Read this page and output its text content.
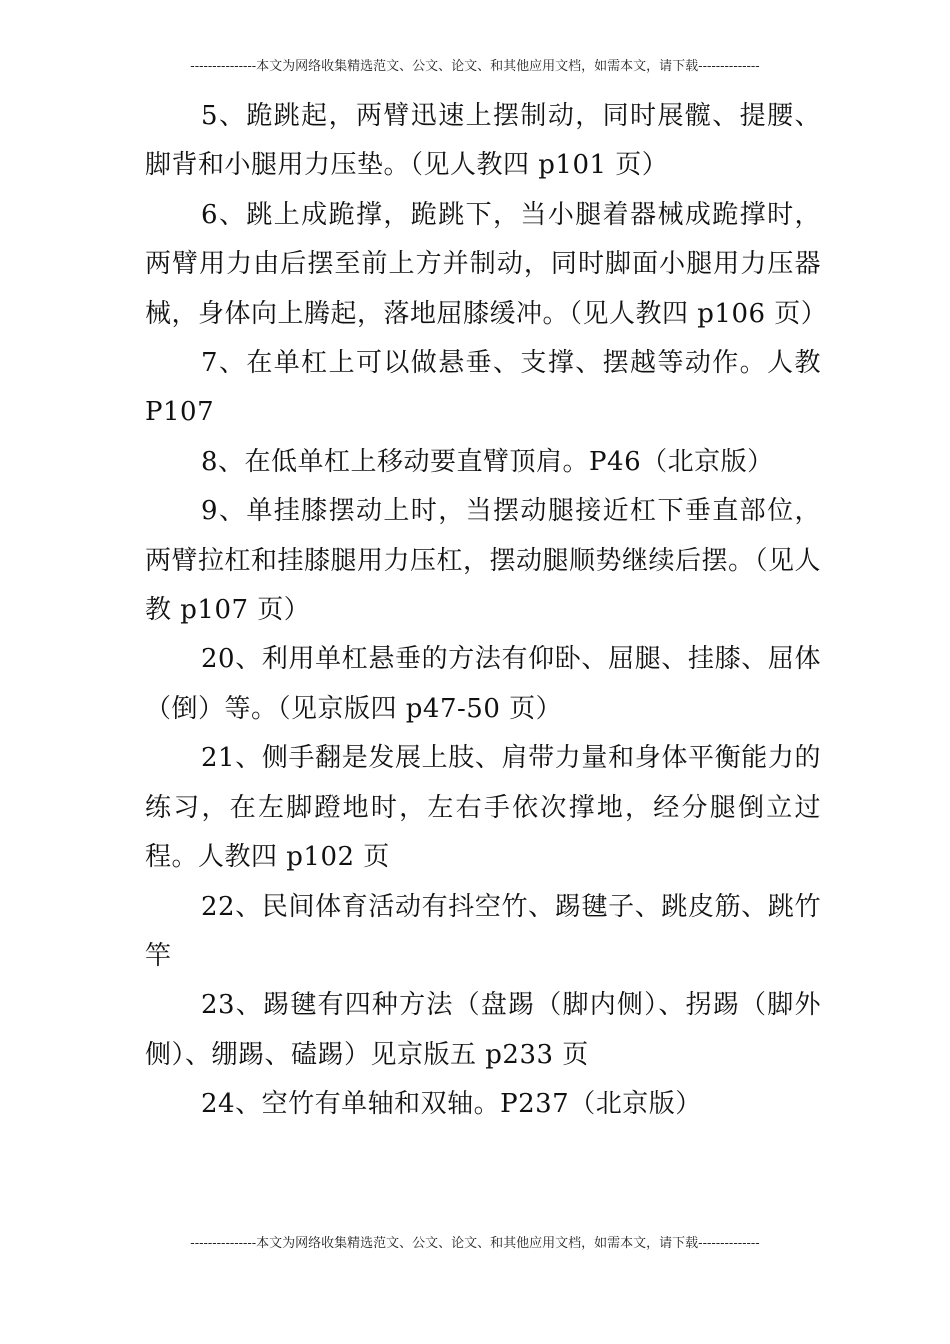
---------------本文为网络收集精选范文、公文、论文、和其他应用文档，如需本文，请下载--------------

5、跪跳起，两臂迅速上摆制动，同时展髋、提腰、脚背和小腿用力压垫。（见人教四 p101 页）

6、跳上成跪撑，跪跳下，当小腿着器械成跪撑时，两臂用力由后摆至前上方并制动，同时脚面小腿用力压器械，身体向上腾起，落地屈膝缓冲。（见人教四 p106 页）

7、在单杠上可以做悬垂、支撑、摆越等动作。人教 P107

8、在低单杠上移动要直臂顶肩。P46（北京版）

9、单挂膝摆动上时，当摆动腿接近杠下垂直部位，两臂拉杠和挂膝腿用力压杠，摆动腿顺势继续后摆。（见人教 p107 页）

20、利用单杠悬垂的方法有仰卧、屈腿、挂膝、屈体（倒）等。（见京版四 p47-50 页）

21、侧手翻是发展上肢、肩带力量和身体平衡能力的练习，在左脚蹬地时，左右手依次撑地，经分腿倒立过程。人教四 p102 页

22、民间体育活动有抖空竹、踢毽子、跳皮筋、跳竹竿

23、踢毽有四种方法（盘踢（脚内侧）、拐踢（脚外侧）、绷踢、磕踢）见京版五 p233 页

24、空竹有单轴和双轴。P237（北京版）

---------------本文为网络收集精选范文、公文、论文、和其他应用文档，如需本文，请下载--------------
